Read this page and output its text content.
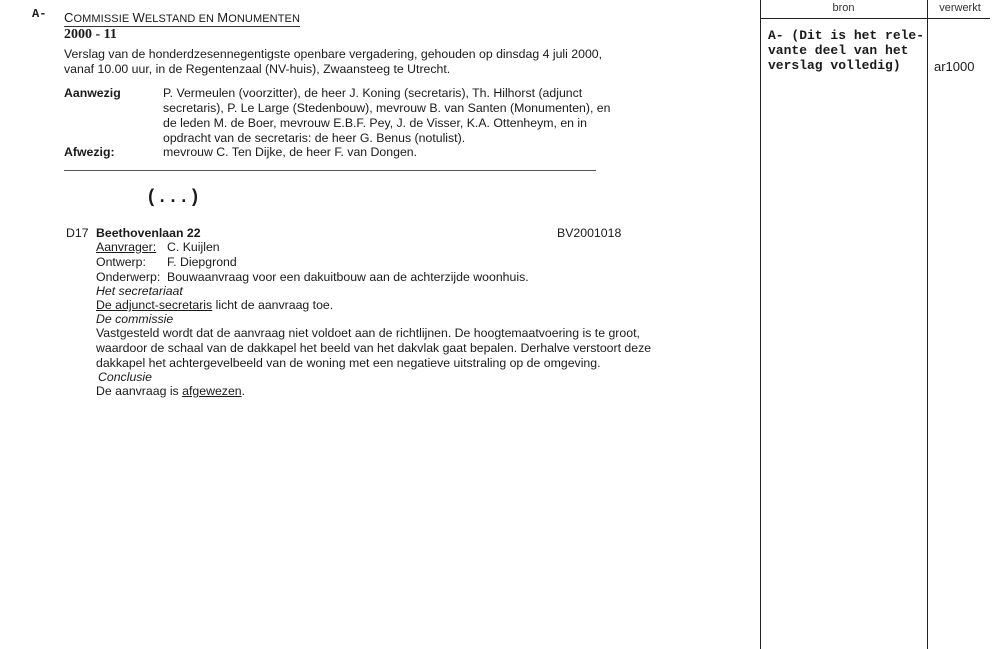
A- COMMISSIE WELSTAND EN MONUMENTEN
2000 - 11
Verslag van de honderdzesennegentigste openbare vergadering, gehouden op dinsdag 4 juli 2000,
vanaf 10.00 uur, in de Regentenzaal (NV-huis), Zwaansteeg te Utrecht.
Aanwezig	P. Vermeulen (voorzitter), de heer J. Koning (secretaris), Th. Hilhorst (adjunct
secretaris), P. Le Large (Stedenbouw), mevrouw B. van Santen (Monumenten), en
de leden M. de Boer, mevrouw E.B.F. Pey, J. de Visser, K.A. Ottenheym, en in
opdracht van de secretaris: de heer G. Benus (notulist).
Afwezig:	mevrouw C. Ten Dijke, de heer F. van Dongen.
(...)
D17 Beethovenlaan 22	BV2001018
Aanvrager: C. Kuijlen
Ontwerp: F. Diepgrond
Onderwerp: Bouwaanvraag voor een dakuitbouw aan de achterzijde woonhuis.
Het secretariaat
De adjunct-secretaris licht de aanvraag toe.
De commissie
Vastgesteld wordt dat de aanvraag niet voldoet aan de richtlijnen. De hoogtemaatvoering is te groot,
waardoor de schaal van de dakkapel het beeld van het dakvlak gaat bepalen. Derhalve verstoort deze
dakkapel het achtergevelbeeld van de woning met een negatieve uitstraling op de omgeving.
Conclusie
De aanvraag is afgewezen.
bron	verwerkt
A- (Dit is het rele-
vante deel van het
verslag volledig)	ar1000
